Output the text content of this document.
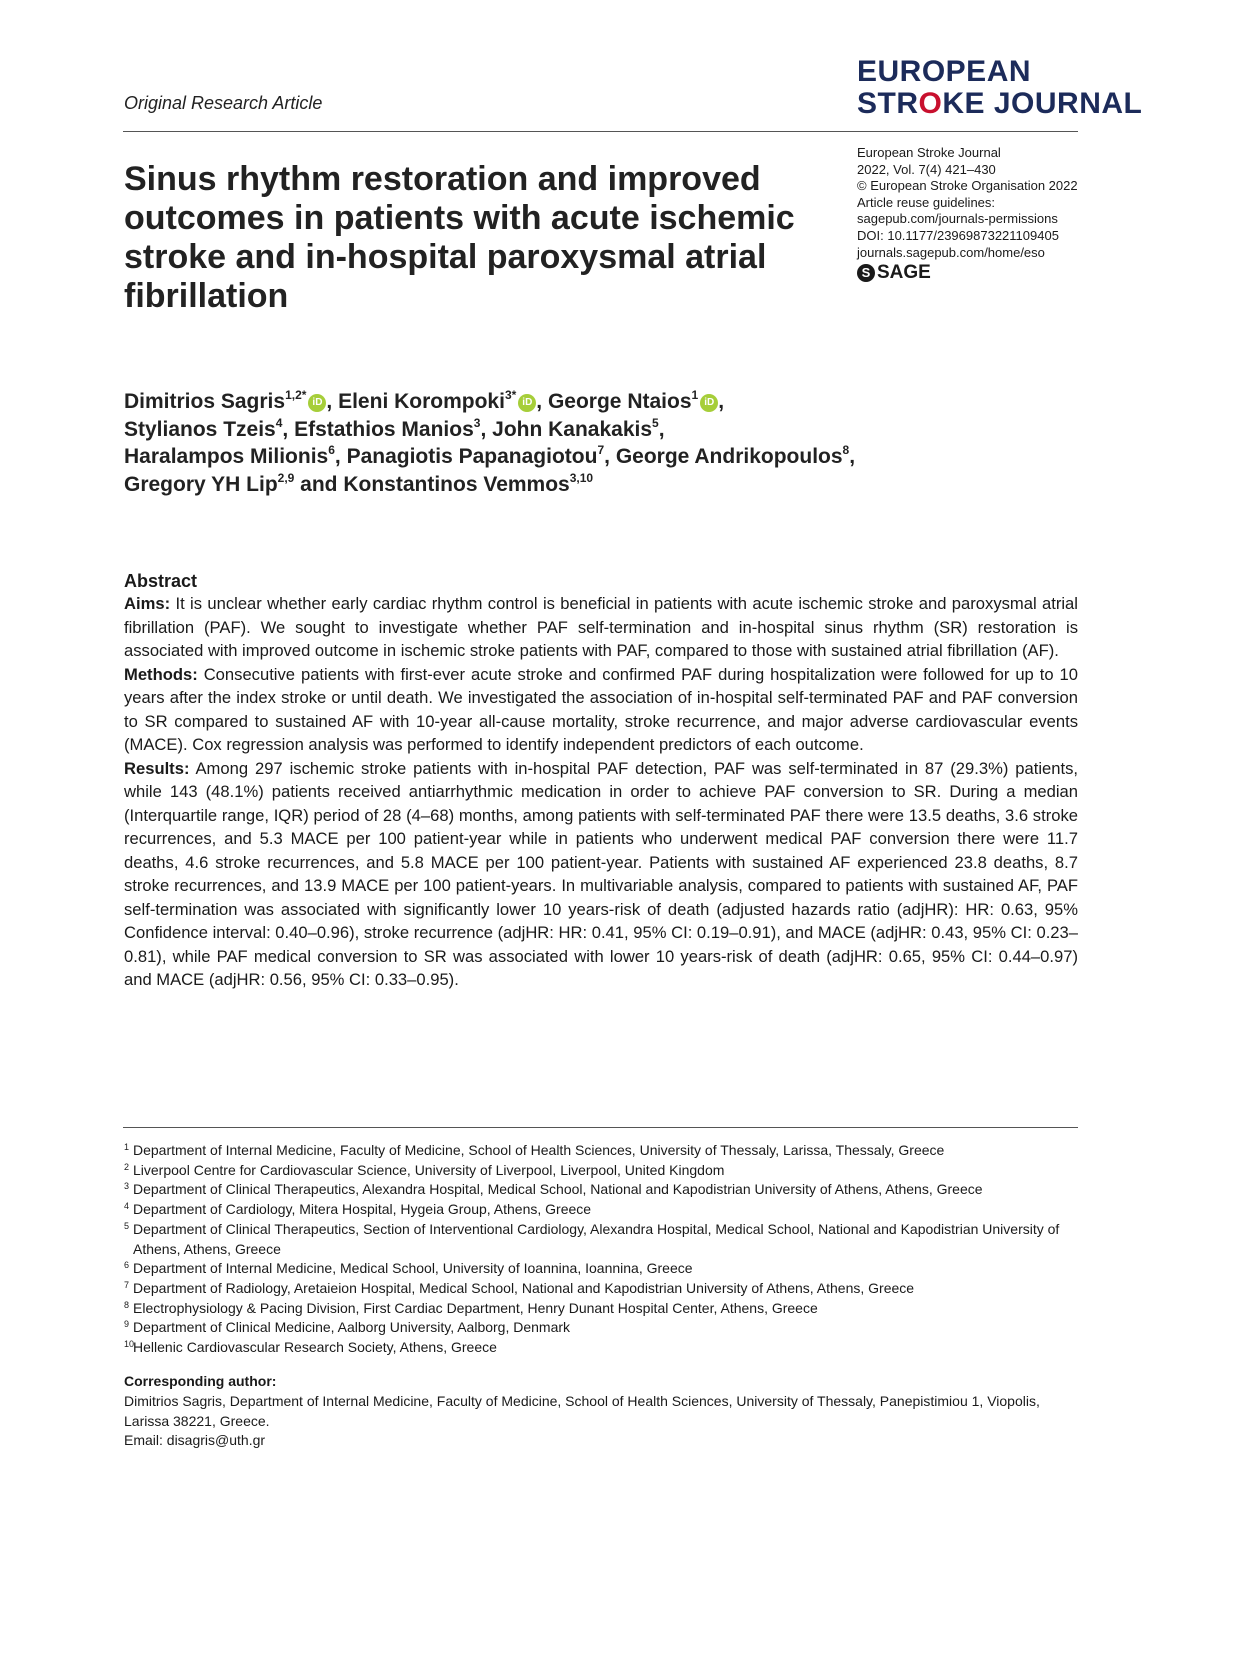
Original Research Article
EUROPEAN
STROKE JOURNAL
Sinus rhythm restoration and improved outcomes in patients with acute ischemic stroke and in-hospital paroxysmal atrial fibrillation
European Stroke Journal
2022, Vol. 7(4) 421–430
© European Stroke Organisation 2022
Article reuse guidelines:
sagepub.com/journals-permissions
DOI: 10.1177/23969873221109405
journals.sagepub.com/home/eso
S SAGE
Dimitrios Sagris$^{1,2*}$iD , Eleni Korompoki$^{3*}$iD , George Ntaios$^1$iD ,
Stylianos Tzeis$^4$, Efstathios Manios$^3$, John Kanakakis$^5$,
Haralampos Milionis$^6$, Panagiotis Papanagiotou$^7$, George Andrikopoulos$^8$,
Gregory YH Lip$^{2,9}$ and Konstantinos Vemmos$^{3,10}$
Abstract

Aims: It is unclear whether early cardiac rhythm control is beneficial in patients with acute ischemic stroke and paroxysmal atrial fibrillation (PAF). We sought to investigate whether PAF self-termination and in-hospital sinus rhythm (SR) restoration is associated with improved outcome in ischemic stroke patients with PAF, compared to those with sustained atrial fibrillation (AF).

Methods: Consecutive patients with first-ever acute stroke and confirmed PAF during hospitalization were followed for up to 10 years after the index stroke or until death. We investigated the association of in-hospital self-terminated PAF and PAF conversion to SR compared to sustained AF with 10-year all-cause mortality, stroke recurrence, and major adverse cardiovascular events (MACE). Cox regression analysis was performed to identify independent predictors of each outcome.

Results: Among 297 ischemic stroke patients with in-hospital PAF detection, PAF was self-terminated in 87 (29.3%) patients, while 143 (48.1%) patients received antiarrhythmic medication in order to achieve PAF conversion to SR. During a median (Interquartile range, IQR) period of 28 (4–68) months, among patients with self-terminated PAF there were 13.5 deaths, 3.6 stroke recurrences, and 5.3 MACE per 100 patient-year while in patients who underwent medical PAF conversion there were 11.7 deaths, 4.6 stroke recurrences, and 5.8 MACE per 100 patient-year. Patients with sustained AF experienced 23.8 deaths, 8.7 stroke recurrences, and 13.9 MACE per 100 patient-years. In multivariable analysis, compared to patients with sustained AF, PAF self-termination was associated with significantly lower 10 years-risk of death (adjusted hazards ratio (adjHR): HR: 0.63, 95% Confidence interval: 0.40–0.96), stroke recurrence (adjHR: HR: 0.41, 95% CI: 0.19–0.91), and MACE (adjHR: 0.43, 95% CI: 0.23–0.81), while PAF medical conversion to SR was associated with lower 10 years-risk of death (adjHR: 0.65, 95% CI: 0.44–0.97) and MACE (adjHR: 0.56, 95% CI: 0.33–0.95).

1 Department of Internal Medicine, Faculty of Medicine, School of Health Sciences, University of Thessaly, Larissa, Thessaly, Greece
2 Liverpool Centre for Cardiovascular Science, University of Liverpool, Liverpool, United Kingdom
3 Department of Clinical Therapeutics, Alexandra Hospital, Medical School, National and Kapodistrian University of Athens, Athens, Greece
4 Department of Cardiology, Mitera Hospital, Hygeia Group, Athens, Greece
5 Department of Clinical Therapeutics, Section of Interventional Cardiology, Alexandra Hospital, Medical School, National and Kapodistrian University of Athens, Athens, Greece
6 Department of Internal Medicine, Medical School, University of Ioannina, Ioannina, Greece
7 Department of Radiology, Aretaieion Hospital, Medical School, National and Kapodistrian University of Athens, Athens, Greece
8 Electrophysiology & Pacing Division, First Cardiac Department, Henry Dunant Hospital Center, Athens, Greece
9 Department of Clinical Medicine, Aalborg University, Aalborg, Denmark
10
Hellenic Cardiovascular Research Society, Athens, Greece
Corresponding author:
Dimitrios Sagris, Department of Internal Medicine, Faculty of Medicine, School of Health Sciences, University of Thessaly, Panepistimiou 1, Viopolis, Larissa 38221, Greece.
Email: disagris@uth.gr
